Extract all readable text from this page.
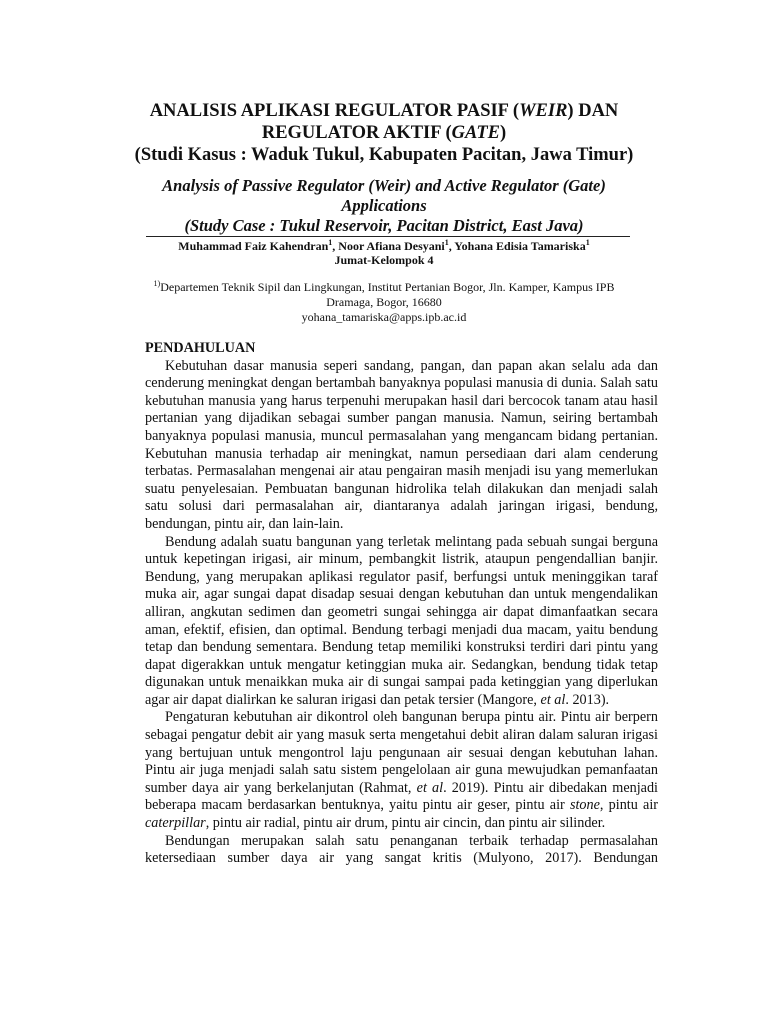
ANALISIS APLIKASI REGULATOR PASIF (WEIR) DAN
REGULATOR AKTIF (GATE)
(Studi Kasus : Waduk Tukul, Kabupaten Pacitan, Jawa Timur)
Analysis of Passive Regulator (Weir) and Active Regulator (Gate)
Applications
(Study Case : Tukul Reservoir, Pacitan District, East Java)
Muhammad Faiz Kahendran$^1$, Noor Afiana Desyani$^1$, Yohana Edisia Tamariska$^1$
Jumat-Kelompok 4
$^{1)}$Departemen Teknik Sipil dan Lingkungan, Institut Pertanian Bogor, Jln. Kamper, Kampus IPB
Dramaga, Bogor, 16680
yohana_tamariska@apps.ipb.ac.id
PENDAHULUAN

Kebutuhan dasar manusia seperi sandang, pangan, dan papan akan selalu ada dan cenderung meningkat dengan bertambah banyaknya populasi manusia di dunia. Salah satu kebutuhan manusia yang harus terpenuhi merupakan hasil dari bercocok tanam atau hasil pertanian yang dijadikan sebagai sumber pangan manusia. Namun, seiring bertambah banyaknya populasi manusia, muncul permasalahan yang mengancam bidang pertanian. Kebutuhan manusia terhadap air meningkat, namun persediaan dari alam cenderung terbatas. Permasalahan mengenai air atau pengairan masih menjadi isu yang memerlukan suatu penyelesaian. Pembuatan bangunan hidrolika telah dilakukan dan menjadi salah satu solusi dari permasalahan air, diantaranya adalah jaringan irigasi, bendung, bendungan, pintu air, dan lain-lain.

Bendung adalah suatu bangunan yang terletak melintang pada sebuah sungai berguna untuk kepetingan irigasi, air minum, pembangkit listrik, ataupun pengendallian banjir. Bendung, yang merupakan aplikasi regulator pasif, berfungsi untuk meninggikan taraf muka air, agar sungai dapat disadap sesuai dengan kebutuhan dan untuk mengendalikan alliran, angkutan sedimen dan geometri sungai sehingga air dapat dimanfaatkan secara aman, efektif, efisien, dan optimal. Bendung terbagi menjadi dua macam, yaitu bendung tetap dan bendung sementara. Bendung tetap memiliki konstruksi terdiri dari pintu yang dapat digerakkan untuk mengatur ketinggian muka air. Sedangkan, bendung tidak tetap digunakan untuk menaikkan muka air di sungai sampai pada ketinggian yang diperlukan agar air dapat dialirkan ke saluran irigasi dan petak tersier (Mangore, et al. 2013).

Pengaturan kebutuhan air dikontrol oleh bangunan berupa pintu air. Pintu air berpern sebagai pengatur debit air yang masuk serta mengetahui debit aliran dalam saluran irigasi yang bertujuan untuk mengontrol laju pengunaan air sesuai dengan kebutuhan lahan. Pintu air juga menjadi salah satu sistem pengelolaan air guna mewujudkan pemanfaatan sumber daya air yang berkelanjutan (Rahmat, et al. 2019). Pintu air dibedakan menjadi beberapa macam berdasarkan bentuknya, yaitu pintu air geser, pintu air stone, pintu air caterpillar, pintu air radial, pintu air drum, pintu air cincin, dan pintu air silinder.

Bendungan merupakan salah satu penanganan terbaik terhadap permasalahan ketersediaan sumber daya air yang sangat kritis (Mulyono, 2017). Bendungan
